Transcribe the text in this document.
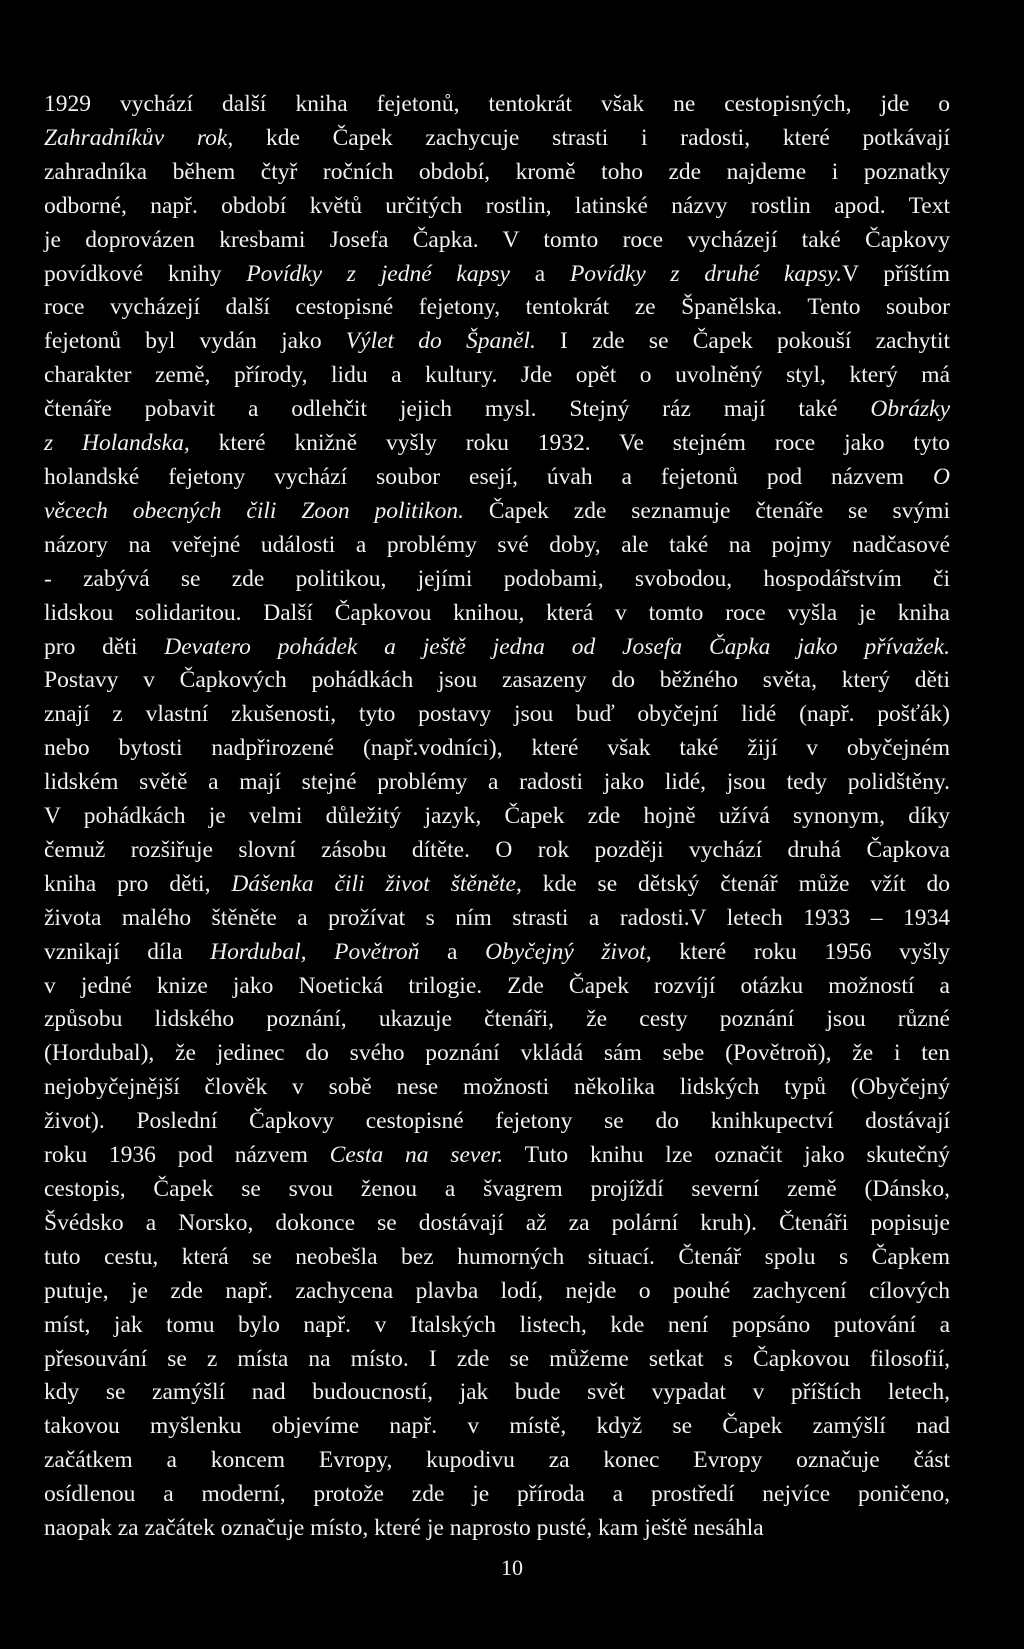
1929 vychází další kniha fejetonů, tentokrát však ne cestopisných, jde o
Zahradníkův rok, kde Čapek zachycuje strasti i radosti, které potkávají
zahradníka během čtyř ročních období, kromě toho zde najdeme i poznatky
odborné, např. období květů určitých rostlin, latinské názvy rostlin apod. Text
je doprovázen kresbami Josefa Čapka. V tomto roce vycházejí také Čapkovy
povídkové knihy Povídky z jedné kapsy a Povídky z druhé kapsy.V příštím
roce vycházejí další cestopisné fejetony, tentokrát ze Španělska. Tento soubor
fejetonů byl vydán jako Výlet do Španěl. I zde se Čapek pokouší zachytit
charakter země, přírody, lidu a kultury. Jde opět o uvolněný styl, který má
čtenáře pobavit a odlehčit jejich mysl. Stejný ráz mají také Obrázky
z Holandska, které knižně vyšly roku 1932. Ve stejném roce jako tyto
holandské fejetony vychází soubor esejí, úvah a fejetonů pod názvem O
věcech obecných čili Zoon politikon. Čapek zde seznamuje čtenáře se svými
názory na veřejné události a problémy své doby, ale také na pojmy nadčasové
- zabývá se zde politikou, jejími podobami, svobodou, hospodářstvím či
lidskou solidaritou. Další Čapkovou knihou, která v tomto roce vyšla je kniha
pro děti Devatero pohádek a ještě jedna od Josefa Čapka jako přívažek.
Postavy v Čapkových pohádkách jsou zasazeny do běžného světa, který děti
znají z vlastní zkušenosti, tyto postavy jsou buď obyčejní lidé (např. pošťák)
nebo bytosti nadpřirozené (např.vodníci), které však také žijí v obyčejném
lidském světě a mají stejné problémy a radosti jako lidé, jsou tedy polidštěny.
V pohádkách je velmi důležitý jazyk, Čapek zde hojně užívá synonym, díky
čemuž rozšiřuje slovní zásobu dítěte. O rok později vychází druhá Čapkova
kniha pro děti, Dášenka čili život štěněte, kde se dětský čtenář může vžít do
života malého štěněte a prožívat s ním strasti a radosti.V letech 1933 – 1934
vznikají díla Hordubal, Povětroň a Obyčejný život, které roku 1956 vyšly
v jedné knize jako Noetická trilogie. Zde Čapek rozvíjí otázku možností a
způsobu lidského poznání, ukazuje čtenáři, že cesty poznání jsou různé
(Hordubal), že jedinec do svého poznání vkládá sám sebe (Povětroň), že i ten
nejobyčejnější člověk v sobě nese možnosti několika lidských typů (Obyčejný
život). Poslední Čapkovy cestopisné fejetony se do knihkupectví dostávají
roku 1936 pod názvem Cesta na sever. Tuto knihu lze označit jako skutečný
cestopis, Čapek se svou ženou a švagrem projíždí severní země (Dánsko,
Švédsko a Norsko, dokonce se dostávají až za polární kruh). Čtenáři popisuje
tuto cestu, která se neobešla bez humorných situací. Čtenář spolu s Čapkem
putuje, je zde např. zachycena plavba lodí, nejde o pouhé zachycení cílových
míst, jak tomu bylo např. v Italských listech, kde není popsáno putování a
přesouvání se z místa na místo. I zde se můžeme setkat s Čapkovou filosofií,
kdy se zamýšlí nad budoucností, jak bude svět vypadat v příštích letech,
takovou myšlenku objevíme např. v místě, když se Čapek zamýšlí nad
začátkem a koncem Evropy, kupodivu za konec Evropy označuje část
osídlenou a moderní, protože zde je příroda a prostředí nejvíce poničeno,
naopak za začátek označuje místo, které je naprosto pusté, kam ještě nesáhla
10
